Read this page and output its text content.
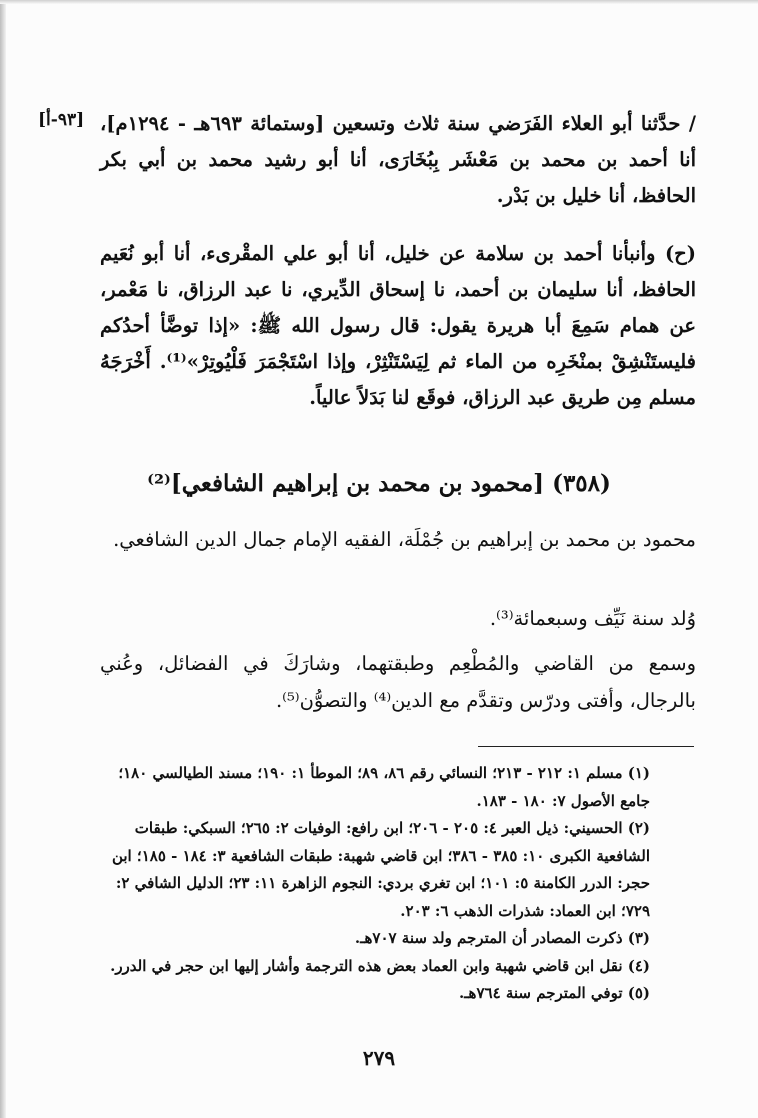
[٩٣-أ] / حدَّثنا أبو العلاء الفَرَضي سنة ثلاث وتسعين [وستمائة ٦٩٣هـ - ١٢٩٤م]، أنا أحمد بن محمد بن مَعْشَر بِبُخَارَى، أنا أبو رشيد محمد بن أبي بكر الحافظ، أنا خليل بن بَدْر.
(ح) وأنبأنا أحمد بن سلامة عن خليل، أنا أبو علي المقْرىء، أنا أبو نُعَيم الحافظ، أنا سليمان بن أحمد، نا إسحاق الدِّيري، نا عبد الرزاق، نا مَعْمر، عن همام سَمِعَ أبا هريرة يقول: قال رسول الله ﷺ: «إذا توضَّأ أحدُكم فليستَنْشِقْ بمنْخَرِه من الماء ثم لِيَسْتَنْثِرْ، وإذا اسْتَجْمَرَ فَلْيُوتِرْ»⁽¹⁾. أَخْرَجَهُ مسلم مِن طريق عبد الرزاق، فوقَع لنا بَدَلاً عالياً.
(٣٥٨) [محمود بن محمد بن إبراهيم الشافعي]⁽²⁾
محمود بن محمد بن إبراهيم بن جُمْلَة، الفقيه الإمام جمال الدين الشافعي.
وُلد سنة نَيِّف وسبعمائة⁽³⁾.
وسمع من القاضي والمُطْعِم وطبقتهما، وشارَكَ في الفضائل، وعُني بالرجال، وأفتى ودرّس وتقدَّم مع الدين⁽⁴⁾ والتصوُّن⁽⁵⁾.

(١) مسلم ١: ٢١٢ - ٢١٣؛ النسائي رقم ٨٦، ٨٩؛ الموطأ ١: ١٩٠؛ مسند الطيالسي ١٨٠؛ جامع الأصول ٧: ١٨٠ - ١٨٣.

(٢) الحسيني: ذيل العبر ٤: ٢٠٥ - ٢٠٦؛ ابن رافع: الوفيات ٢: ٢٦٥؛ السبكي: طبقات الشافعية الكبرى ١٠: ٣٨٥ - ٣٨٦؛ ابن قاضي شهبة: طبقات الشافعية ٣: ١٨٤ - ١٨٥؛ ابن حجر: الدرر الكامنة ٥: ١٠١؛ ابن تغري بردي: النجوم الزاهرة ١١: ٢٣؛ الدليل الشافي ٢: ٧٢٩؛ ابن العماد: شذرات الذهب ٦: ٢٠٣.

(٣) ذكرت المصادر أن المترجم ولد سنة ٧٠٧هـ.

(٤) نقل ابن قاضي شهبة وابن العماد بعض هذه الترجمة وأشار إليها ابن حجر في الدرر.

(٥) توفي المترجم سنة ٧٦٤هـ.

٢٧٩
